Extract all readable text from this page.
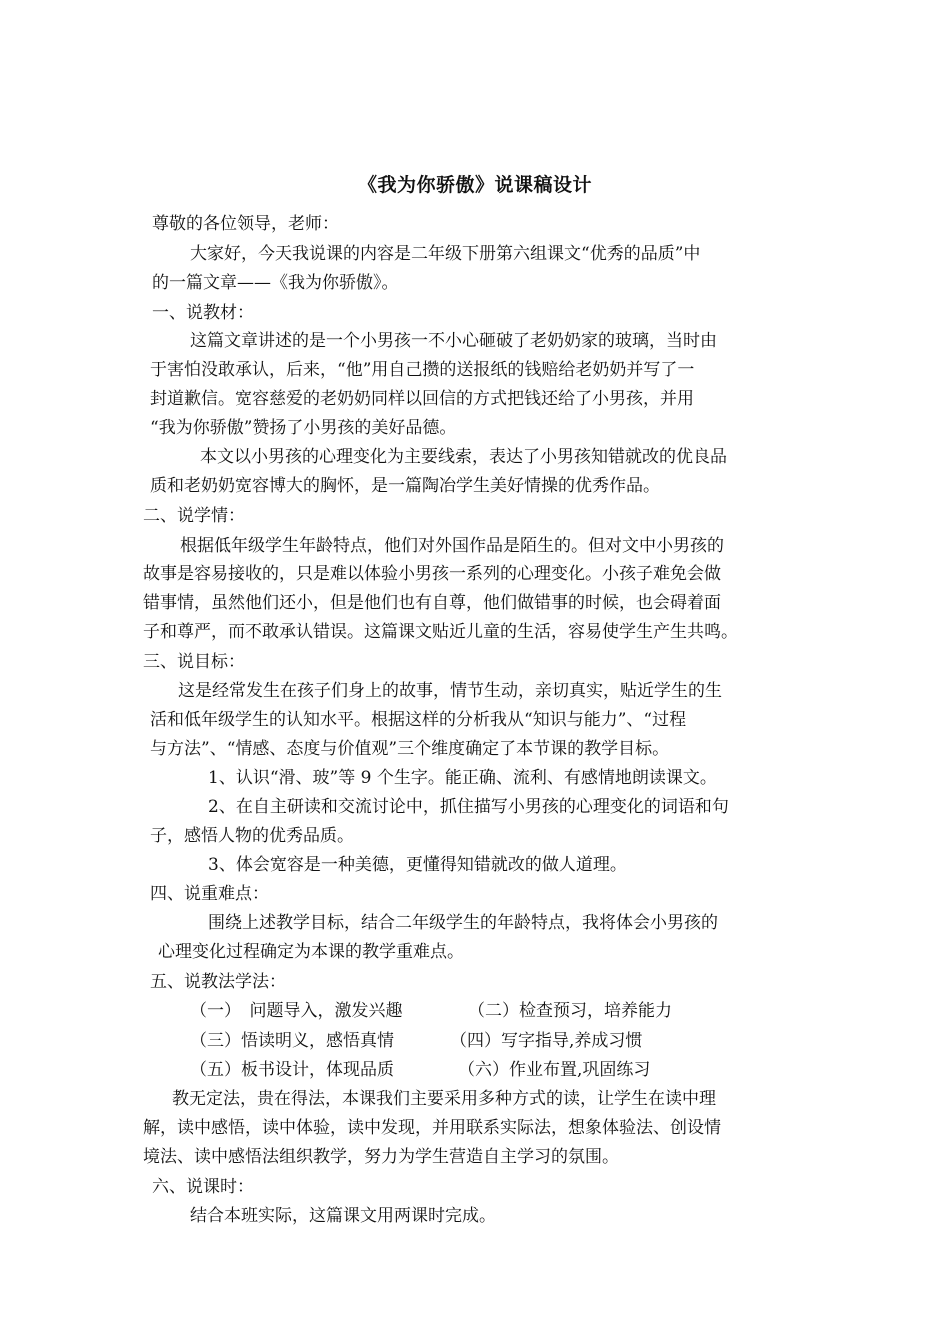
《我为你骄傲》说课稿设计
尊敬的各位领导，老师：
大家好，今天我说课的内容是二年级下册第六组课文“优秀的品质”中
的一篇文章——《我为你骄傲》。
一、说教材：
这篇文章讲述的是一个小男孩一不小心砸破了老奶奶家的玻璃，当时由
于害怕没敢承认，后来，“他”用自己攒的送报纸的钱赔给老奶奶并写了一
封道歉信。宽容慈爱的老奶奶同样以回信的方式把钱还给了小男孩，并用
“我为你骄傲”赞扬了小男孩的美好品德。
本文以小男孩的心理变化为主要线索，表达了小男孩知错就改的优良品
质和老奶奶宽容博大的胸怀，是一篇陶冶学生美好情操的优秀作品。
二、说学情：
根据低年级学生年龄特点，他们对外国作品是陌生的。但对文中小男孩的
故事是容易接收的，只是难以体验小男孩一系列的心理变化。小孩子难免会做
错事情，虽然他们还小，但是他们也有自尊，他们做错事的时候，也会碍着面
子和尊严，而不敢承认错误。这篇课文贴近儿童的生活，容易使学生产生共鸣。
三、说目标：
这是经常发生在孩子们身上的故事，情节生动，亲切真实，贴近学生的生
活和低年级学生的认知水平。根据这样的分析我从“知识与能力”、“过程
与方法”、“情感、态度与价值观”三个维度确定了本节课的教学目标。
1、认识“滑、玻”等 9 个生字。能正确、流利、有感情地朗读课文。
2、在自主研读和交流讨论中，抓住描写小男孩的心理变化的词语和句
子，感悟人物的优秀品质。
3、体会宽容是一种美德，更懂得知错就改的做人道理。
四、说重难点：
围绕上述教学目标，结合二年级学生的年龄特点，我将体会小男孩的
心理变化过程确定为本课的教学重难点。
五、说教法学法：
（一）　问题导入，激发兴趣	（二）检查预习，培养能力
（三）悟读明义，感悟真情	（四）写字指导,养成习惯
（五）板书设计，体现品质	（六）作业布置,巩固练习
教无定法，贵在得法，本课我们主要采用多种方式的读，让学生在读中理
解，读中感悟，读中体验，读中发现，并用联系实际法，想象体验法、创设情
境法、读中感悟法组织教学，努力为学生营造自主学习的氛围。
六、说课时：
结合本班实际，这篇课文用两课时完成。
